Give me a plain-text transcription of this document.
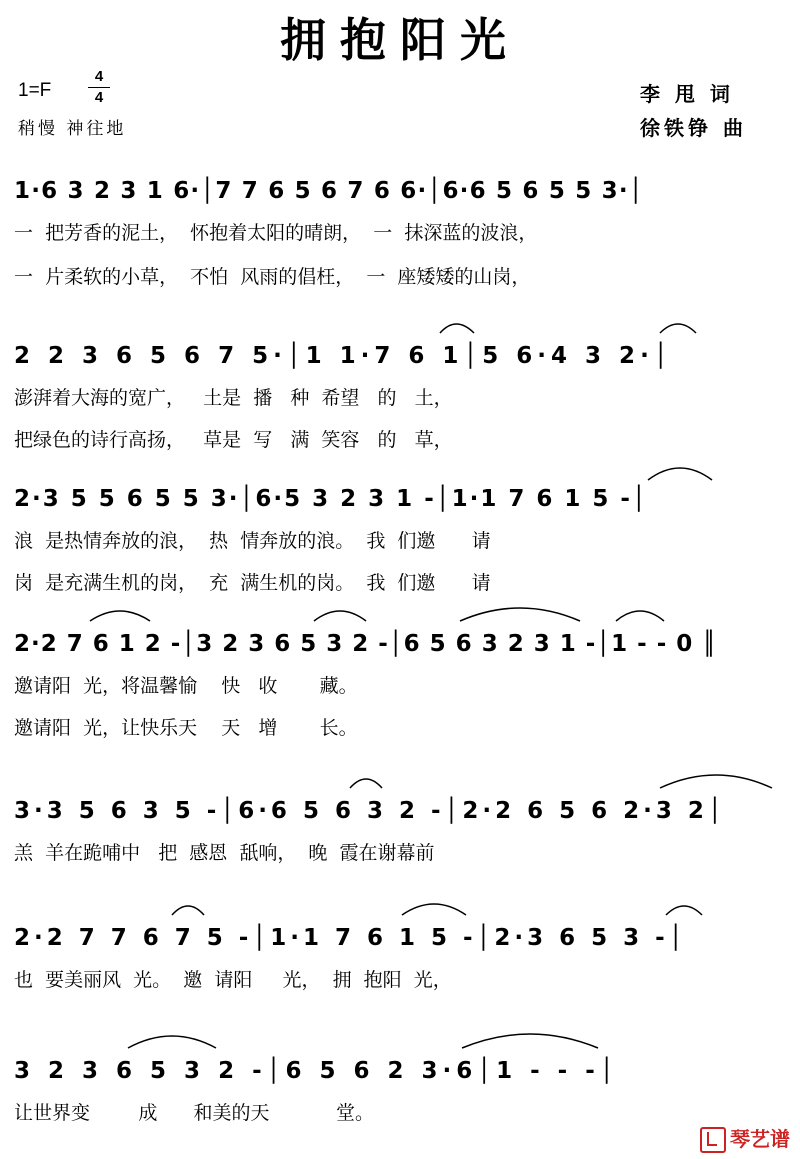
拥抱阳光
1=F
4
4
稍慢 神往地
李 甩 词
徐铁铮 曲
1·6 3 2 3 1 6·│7 7 6 5 6 7 6 6·│6·6 5 6 5 5 3·│
一  把芳香的泥土，  怀抱着太阳的晴朗，  一  抹深蓝的波浪，
一  片柔软的小草，  不怕  风雨的倡枉，  一  座矮矮的山岗，
2 2 3 6 5 6 7 5·│1 1·7 6 1│5 6·4 3 2·│
澎湃着大海的宽广，   土是  播   种  希望   的   土，
把绿色的诗行高扬，   草是  写   满  笑容   的   草，
2·3 5 5 6 5 5 3·│6·5 3 2 3 1 -│1·1 7 6 1 5 -│
浪  是热情奔放的浪，  热  情奔放的浪。  我  们邀      请
岗  是充满生机的岗，  充  满生机的岗。  我  们邀      请
2·2 7 6 1 2 -│3 2 3 6 5 3 2 -│6 5 6 3 2 3 1 -│1 - - 0 ║
邀请阳  光，将温馨愉    快   收       藏。
邀请阳  光，让快乐天    天   增       长。
3·3 5 6 3 5 -│6·6 5 6 3 2 -│2·2 6 5 6 2·3 2│
羔  羊在跪哺中   把  感恩  舐响，  晚  霞在谢幕前
2·2 7 7 6 7 5 -│1·1 7 6 1 5 -│2·3 6 5 3 -│
也  要美丽风  光。  邀  请阳     光，  拥  抱阳  光，
3 2 3 6 5 3 2 -│6 5 6 2 3·6│1 - - -│
让世界变        成      和美的天           堂。
琴艺谱
